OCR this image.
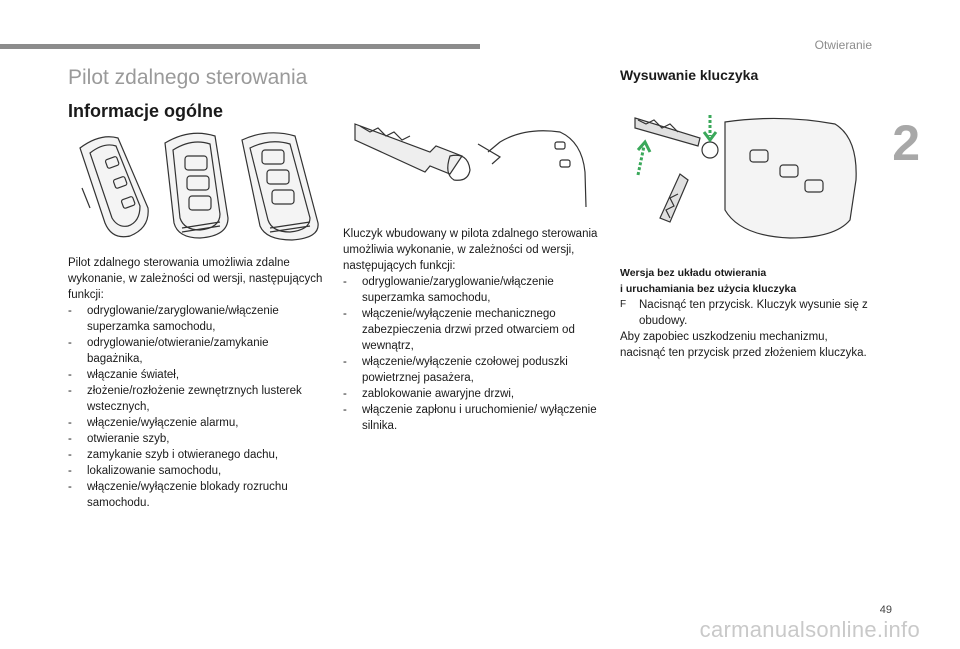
Otwieranie
2
Pilot zdalnego sterowania
Informacje ogólne
Wysuwanie kluczyka

Pilot zdalnego sterowania umożliwia zdalne wykonanie, w zależności od wersji, następujących funkcji:

- odryglowanie/zaryglowanie/włączenie superzamka samochodu,
- odryglowanie/otwieranie/zamykanie bagażnika,
- włączanie świateł,
- złożenie/rozłożenie zewnętrznych lusterek wstecznych,
- włączenie/wyłączenie alarmu,
- otwieranie szyb,
- zamykanie szyb i otwieranego dachu,
- lokalizowanie samochodu,
- włączenie/wyłączenie blokady rozruchu samochodu.

Kluczyk wbudowany w pilota zdalnego sterowania umożliwia wykonanie, w zależności od wersji, następujących funkcji:

- odryglowanie/zaryglowanie/włączenie superzamka samochodu,
- włączenie/wyłączenie mechanicznego zabezpieczenia drzwi przed otwarciem od wewnątrz,
- włączenie/wyłączenie czołowej poduszki powietrznej pasażera,
- zablokowanie awaryjne drzwi,
- włączenie zapłonu i uruchomienie/ wyłączenie silnika.

Wersja bez układu otwierania
i uruchamiania bez użycia kluczyka

F Nacisnąć ten przycisk. Kluczyk wysunie się z obudowy.

Aby zapobiec uszkodzeniu mechanizmu, nacisnąć ten przycisk przed złożeniem kluczyka.

49
carmanualsonline.info
